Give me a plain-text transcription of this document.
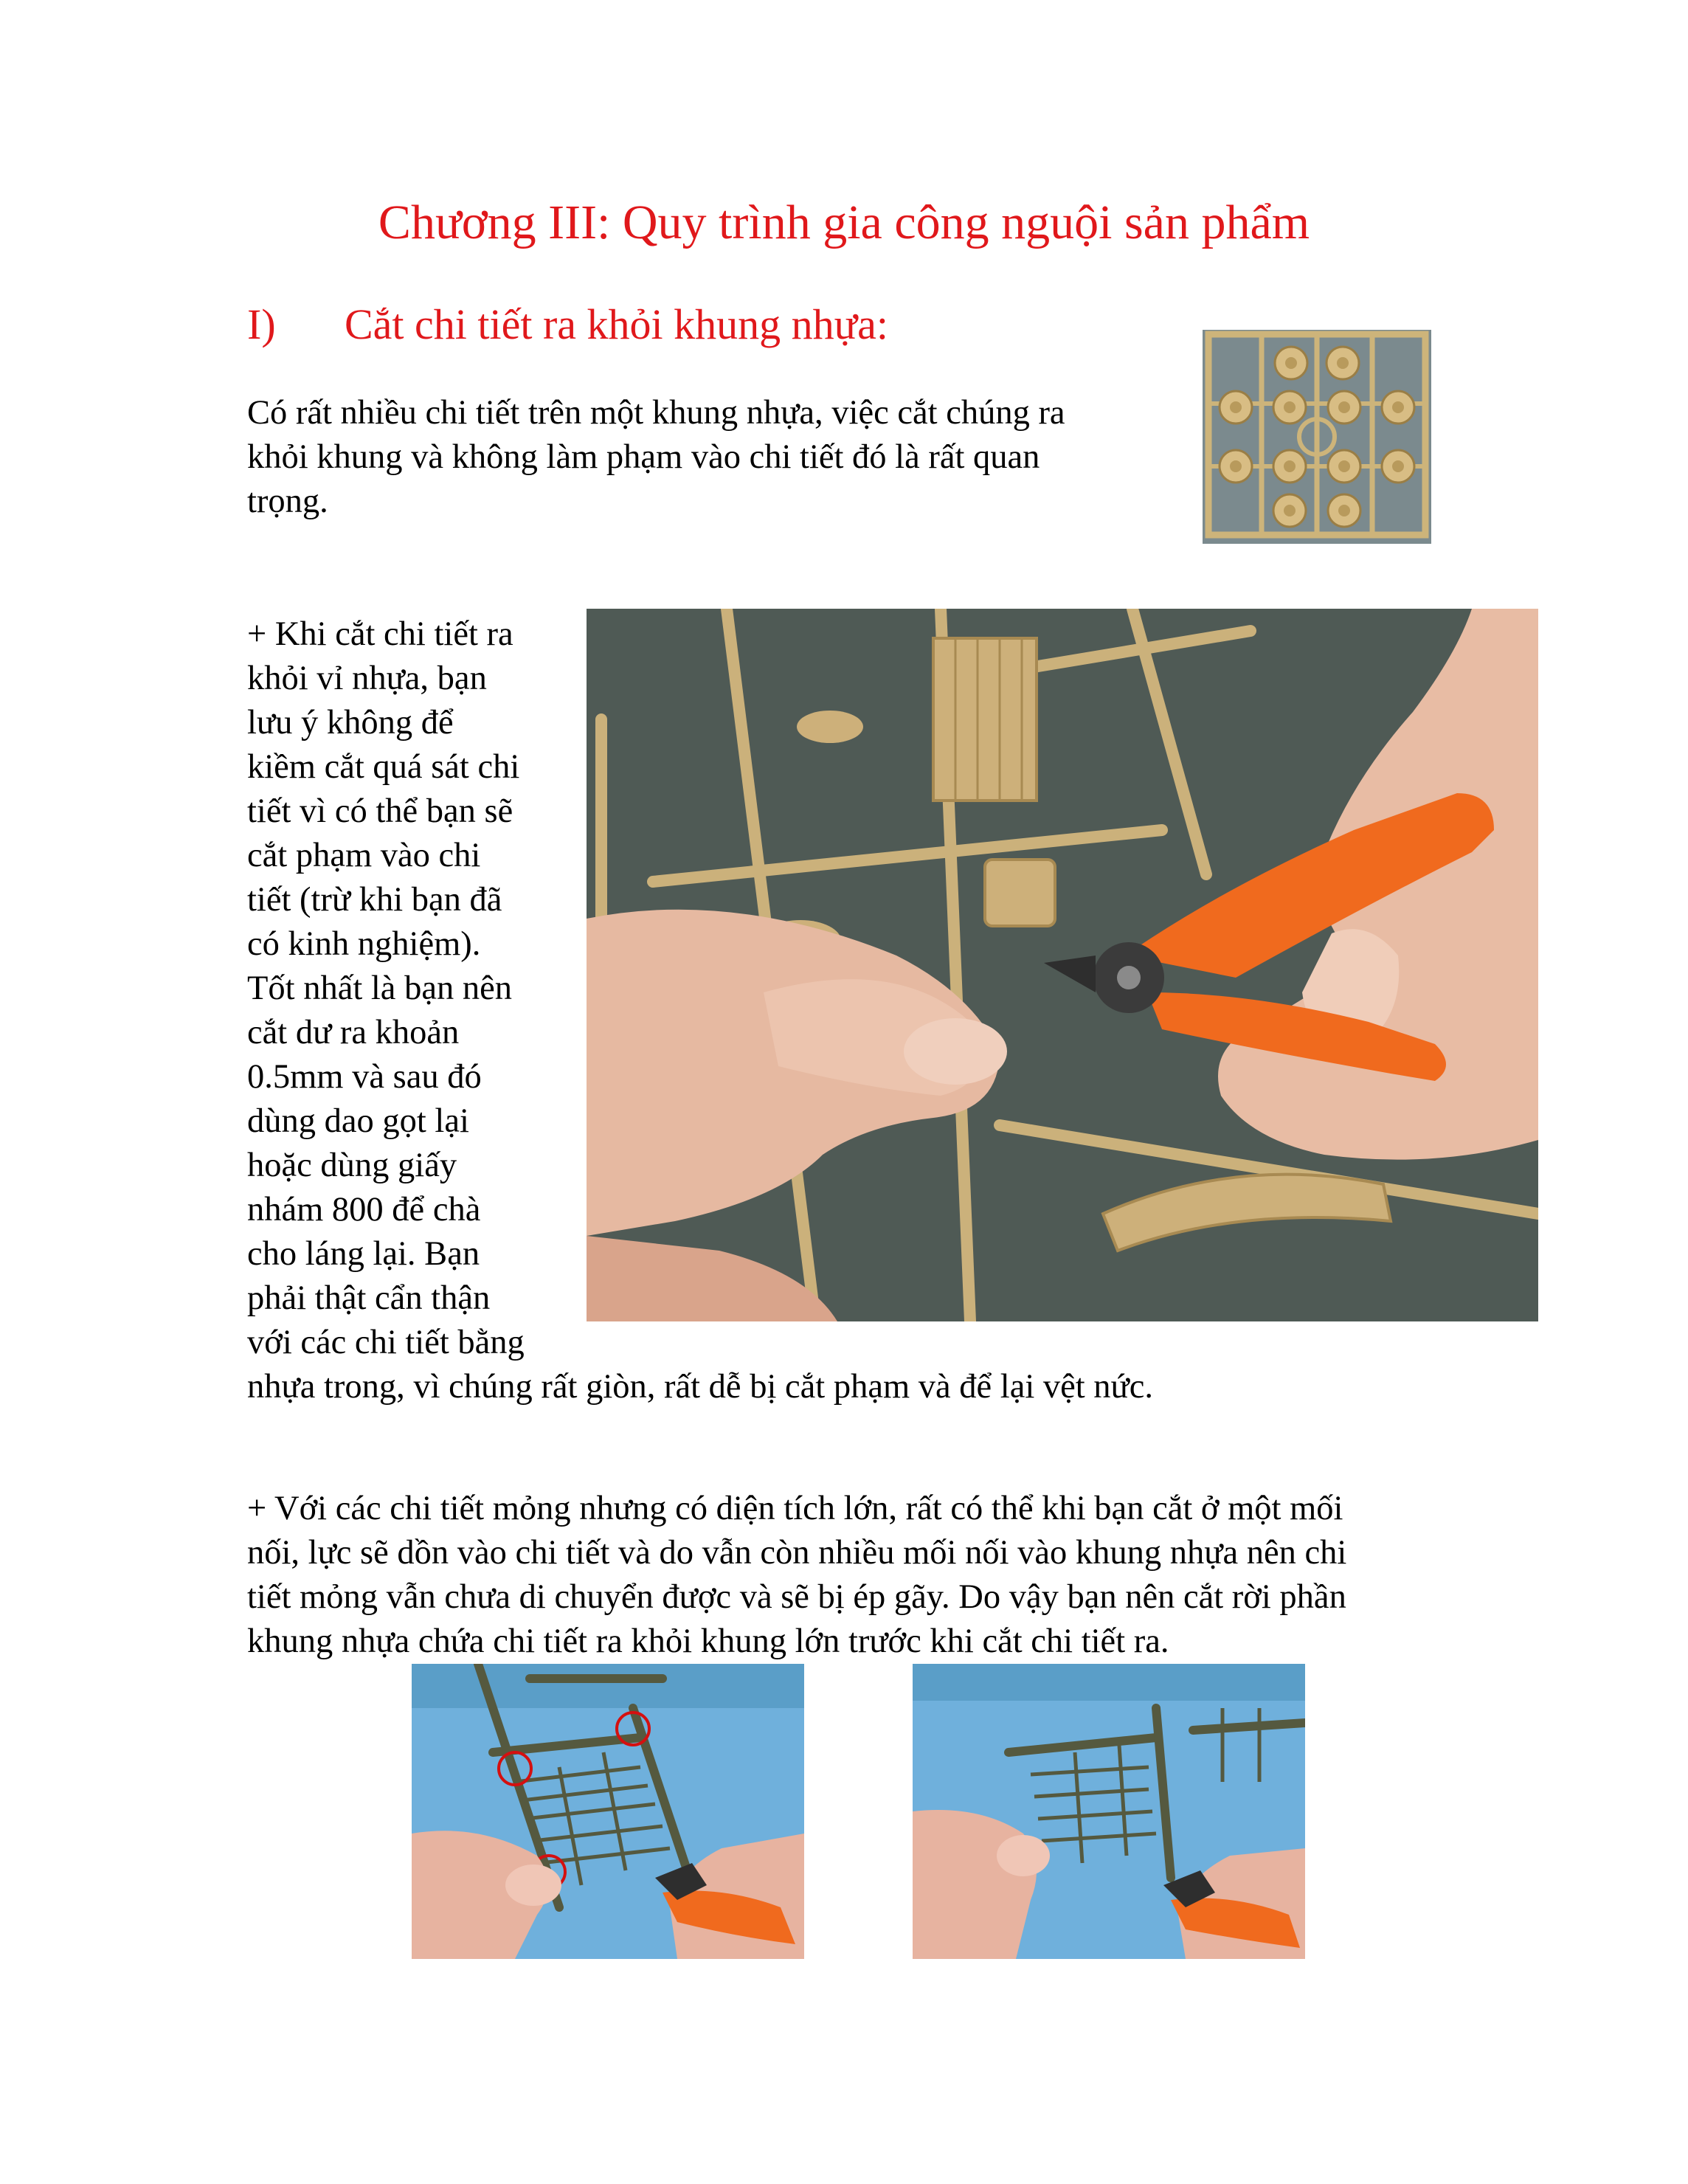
Chương III: Quy trình gia công nguội sản phẩm
I) Cắt chi tiết ra khỏi khung nhựa:
Có rất nhiều chi tiết trên một khung nhựa, việc cắt chúng ra
khỏi khung và không làm phạm vào chi tiết đó là rất quan
trọng.
+ Khi cắt chi tiết ra
khỏi vỉ nhựa, bạn
lưu ý không để
kiềm cắt quá sát chi
tiết vì có thể bạn sẽ
cắt phạm vào chi
tiết (trừ khi bạn đã
có kinh nghiệm).
Tốt nhất là bạn nên
cắt dư ra khoản
0.5mm và sau đó
dùng dao gọt lại
hoặc dùng giấy
nhám 800 để chà
cho láng lại. Bạn
phải thật cẩn thận
với các chi tiết bằng
nhựa trong, vì chúng rất giòn, rất dễ bị cắt phạm và để lại vệt nức.
+ Với các chi tiết mỏng nhưng có diện tích lớn, rất có thể khi bạn cắt ở một mối
nối, lực sẽ dồn vào chi tiết và do vẫn còn nhiều mối nối vào khung nhựa nên chi
tiết mỏng vẫn chưa di chuyển được và sẽ bị ép gãy. Do vậy bạn nên cắt rời phần
khung nhựa chứa chi tiết ra khỏi khung lớn trước khi cắt chi tiết ra.
